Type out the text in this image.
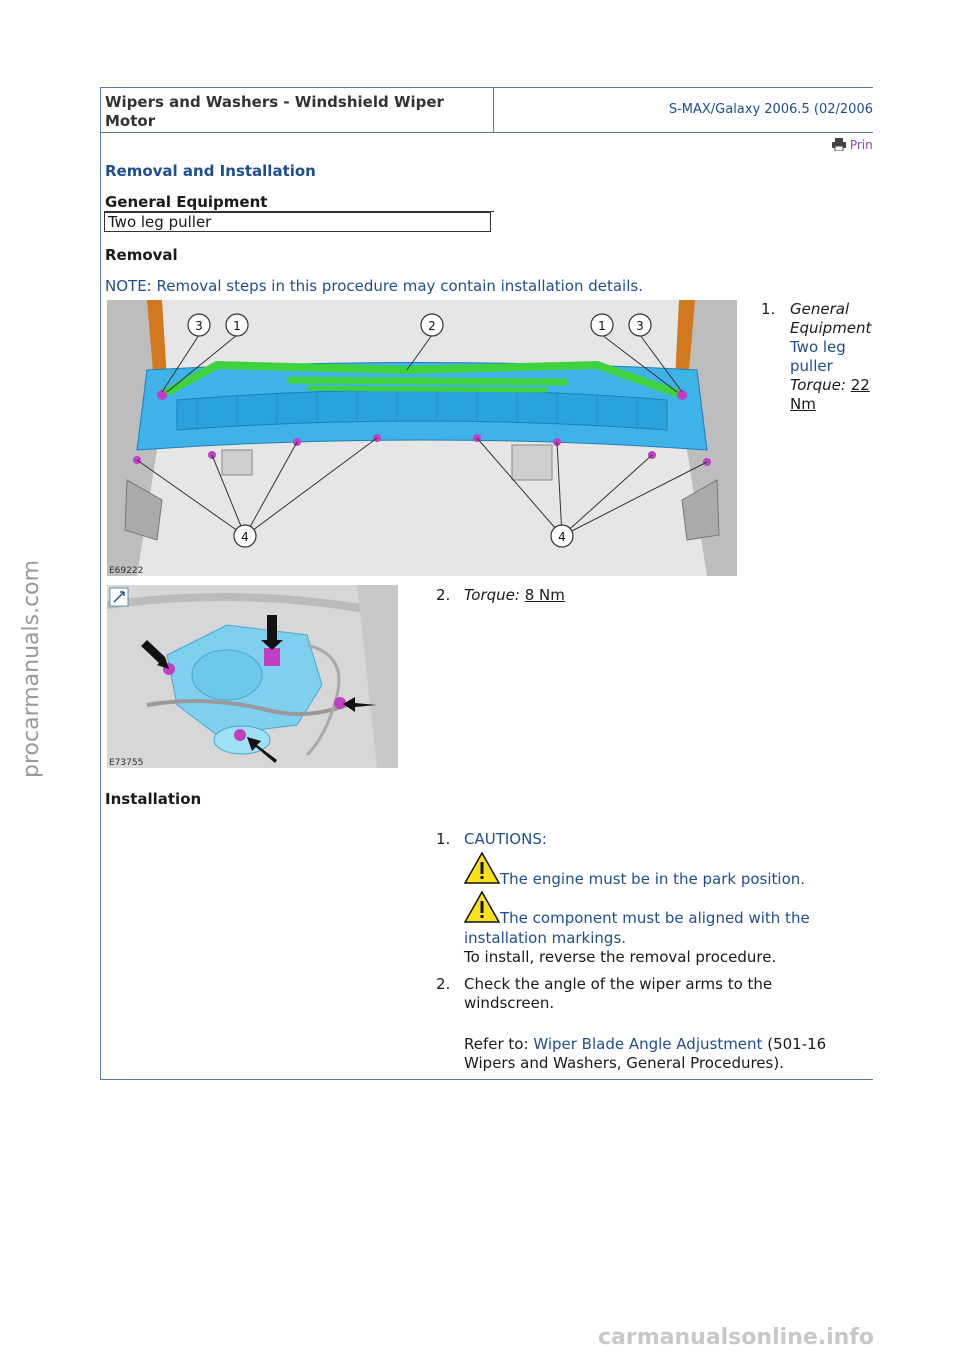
Wipers and Washers - Windshield Wiper
Motor
S-MAX/Galaxy 2006.5 (02/2006
Prin
Removal and Installation
General Equipment
Two leg puller
Removal
NOTE: Removal steps in this procedure may contain installation details.
3	1	2	1	3
4	4
E69222
1. General
Equipment
Two leg
puller
Torque: 22
Nm
E73755
2. Torque: 8 Nm
Installation
1. CAUTIONS:
The engine must be in the park position.
The component must be aligned with the
installation markings.
To install, reverse the removal procedure.
2. Check the angle of the wiper arms to the
windscreen.
Refer to: Wiper Blade Angle Adjustment (501-16
Wipers and Washers, General Procedures).
procarmanuals.com
carmanualsonline.info
